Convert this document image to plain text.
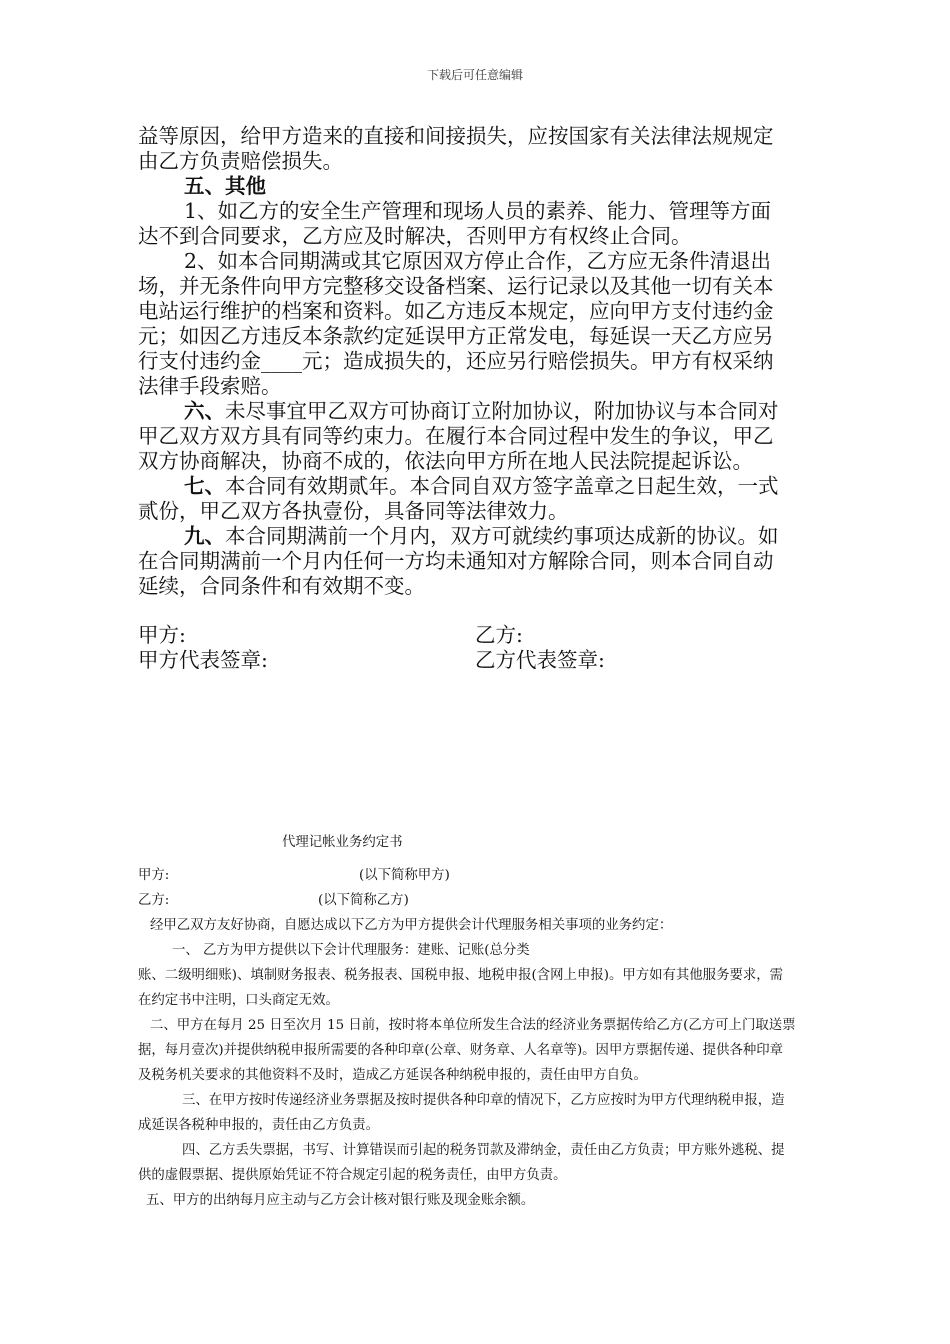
下载后可任意编辑
益等原因，给甲方造来的直接和间接损失，应按国家有关法律法规规定
由乙方负责赔偿损失。
五、其他
1、如乙方的安全生产管理和现场人员的素养、能力、管理等方面
达不到合同要求，乙方应及时解决，否则甲方有权终止合同。
2、如本合同期满或其它原因双方停止合作，乙方应无条件清退出
场，并无条件向甲方完整移交设备档案、运行记录以及其他一切有关本
电站运行维护的档案和资料。如乙方违反本规定，应向甲方支付违约金
元；如因乙方违反本条款约定延误甲方正常发电，每延误一天乙方应另
行支付违约金____元；造成损失的，还应另行赔偿损失。甲方有权采纳
法律手段索赔。
六、未尽事宜甲乙双方可协商订立附加协议，附加协议与本合同对
甲乙双方双方具有同等约束力。在履行本合同过程中发生的争议，甲乙
双方协商解决，协商不成的，依法向甲方所在地人民法院提起诉讼。
七、本合同有效期贰年。本合同自双方签字盖章之日起生效，一式
贰份，甲乙双方各执壹份，具备同等法律效力。
九、本合同期满前一个月内，双方可就续约事项达成新的协议。如
在合同期满前一个月内任何一方均未通知对方解除合同，则本合同自动
延续，合同条件和有效期不变。
甲方:	乙方:
甲方代表签章:	乙方代表签章:
代理记帐业务约定书
甲方:	(以下简称甲方)
乙方:	(以下简称乙方)
经甲乙双方友好协商，自愿达成以下乙方为甲方提供会计代理服务相关事项的业务约定：
一、 乙方为甲方提供以下会计代理服务：建账、记账(总分类
账、二级明细账)、填制财务报表、税务报表、国税申报、地税申报(含网上申报)。甲方如有其他服务要求，需
在约定书中注明，口头商定无效。
二、甲方在每月 25 日至次月 15 日前，按时将本单位所发生合法的经济业务票据传给乙方(乙方可上门取送票
据，每月壹次)并提供纳税申报所需要的各种印章(公章、财务章、人名章等)。因甲方票据传递、提供各种印章
及税务机关要求的其他资料不及时，造成乙方延误各种纳税申报的，责任由甲方自负。
三、在甲方按时传递经济业务票据及按时提供各种印章的情况下，乙方应按时为甲方代理纳税申报，造
成延误各税种申报的，责任由乙方负责。
四、乙方丢失票据，书写、计算错误而引起的税务罚款及滞纳金，责任由乙方负责；甲方账外逃税、提
供的虚假票据、提供原始凭证不符合规定引起的税务责任，由甲方负责。
五、甲方的出纳每月应主动与乙方会计核对银行账及现金账余额。
